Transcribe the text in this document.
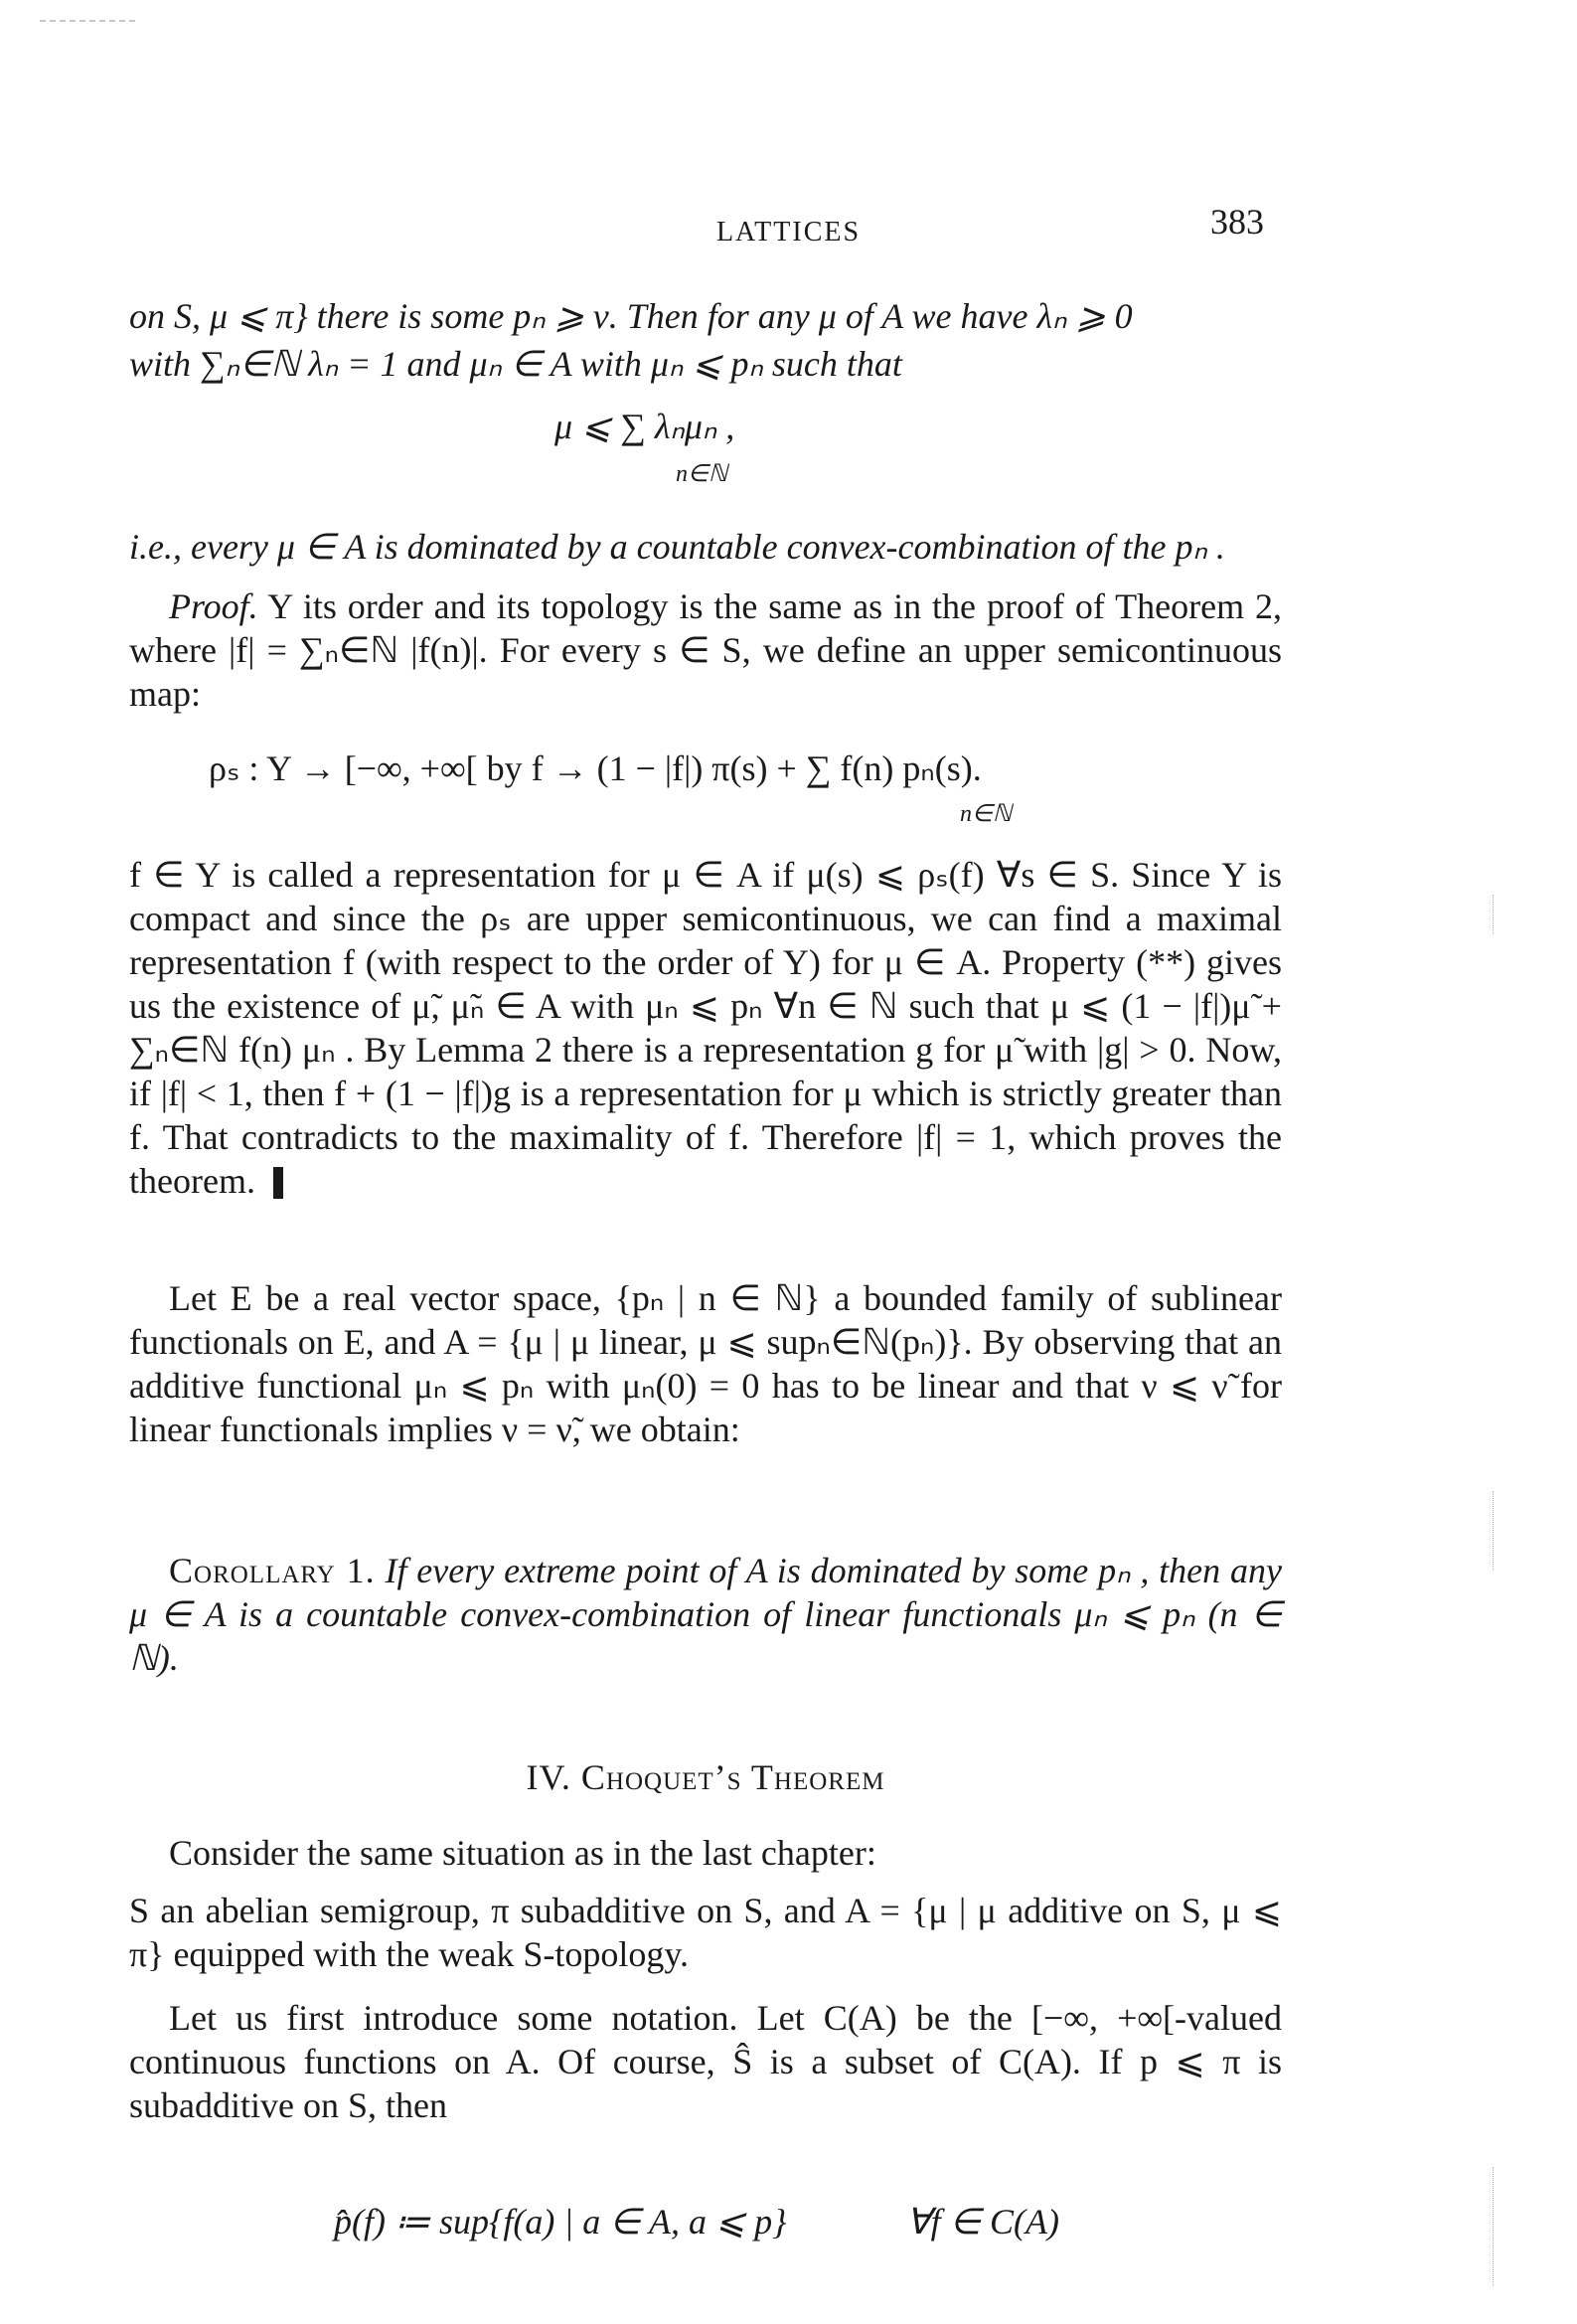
LATTICES	383
on S, μ ⩽ π} there is some pₙ ⩾ ν. Then for any μ of A we have λₙ ⩾ 0
with ∑ₙ∈ℕ λₙ = 1 and μₙ ∈ A with μₙ ⩽ pₙ such that
μ ⩽ ∑ λₙμₙ ,
n∈ℕ
i.e., every μ ∈ A is dominated by a countable convex-combination of the pₙ .
Proof. Y its order and its topology is the same as in the proof of Theorem 2, where |f| = ∑ₙ∈ℕ |f(n)|. For every s ∈ S, we define an upper semicontinuous map:
ρₛ : Y → [−∞, +∞[ by f → (1 − |f|) π(s) + ∑ f(n) pₙ(s).
n∈ℕ
f ∈ Y is called a representation for μ ∈ A if μ(s) ⩽ ρₛ(f) ∀s ∈ S. Since Y is compact and since the ρₛ are upper semicontinuous, we can find a maximal representation f (with respect to the order of Y) for μ ∈ A. Property (**) gives us the existence of μ̃, μ̃ₙ ∈ A with μₙ ⩽ pₙ ∀n ∈ ℕ such that μ ⩽ (1 − |f|)μ̃ + ∑ₙ∈ℕ f(n) μₙ . By Lemma 2 there is a representation g for μ̃ with |g| > 0. Now, if |f| < 1, then f + (1 − |f|)g is a representation for μ which is strictly greater than f. That contradicts to the maximality of f. Therefore |f| = 1, which proves the theorem.
Let E be a real vector space, {pₙ | n ∈ ℕ} a bounded family of sublinear functionals on E, and A = {μ | μ linear, μ ⩽ supₙ∈ℕ(pₙ)}. By observing that an additive functional μₙ ⩽ pₙ with μₙ(0) = 0 has to be linear and that ν ⩽ ν̃ for linear functionals implies ν = ν̃, we obtain:
Corollary 1. If every extreme point of A is dominated by some pₙ , then any μ ∈ A is a countable convex-combination of linear functionals μₙ ⩽ pₙ (n ∈ ℕ).
IV. Choquet’s Theorem
Consider the same situation as in the last chapter:
S an abelian semigroup, π subadditive on S, and A = {μ | μ additive on S, μ ⩽ π} equipped with the weak S-topology.
Let us first introduce some notation. Let C(A) be the [−∞, +∞[-valued continuous functions on A. Of course, Ŝ is a subset of C(A). If p ⩽ π is subadditive on S, then
p̂(f) ≔ sup{f(a) | a ∈ A, a ⩽ p}	∀f ∈ C(A)
